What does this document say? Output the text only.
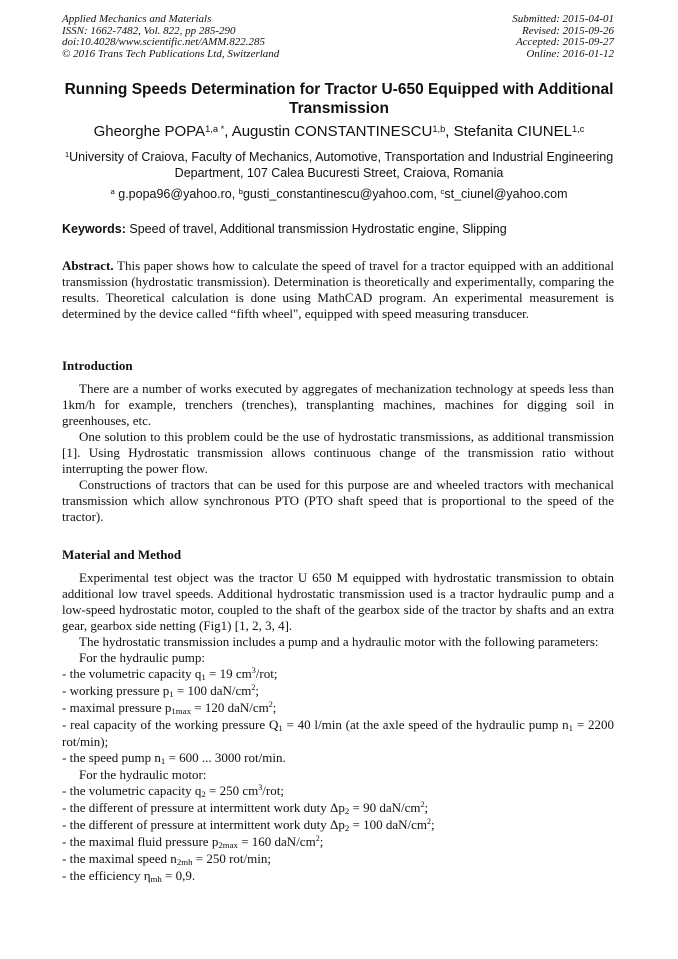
Applied Mechanics and Materials
ISSN: 1662-7482, Vol. 822, pp 285-290
doi:10.4028/www.scientific.net/AMM.822.285
© 2016 Trans Tech Publications Ltd, Switzerland
Submitted: 2015-04-01
Revised: 2015-09-26
Accepted: 2015-09-27
Online: 2016-01-12
Running Speeds Determination for Tractor U-650 Equipped with Additional Transmission
Gheorghe $POPA^{1,a *}$, Augustin CONSTANTINESCU$^{1,b}$, Stefanita CIUNEL$^{1,c}$
$^1$University of Craiova, Faculty of Mechanics, Automotive, Transportation and Industrial Engineering Department, 107 Calea Bucuresti Street, Craiova, Romania
$^a$ g.popa96@yahoo.ro, $^b$gusti_constantinescu@yahoo.com, $^c$st_ciunel@yahoo.com
Keywords: Speed of travel, Additional transmission Hydrostatic engine, Slipping
Abstract. This paper shows how to calculate the speed of travel for a tractor equipped with an additional transmission (hydrostatic transmission). Determination is theoretically and experimentally, comparing the results. Theoretical calculation is done using MathCAD program. An experimental measurement is determined by the device called “fifth wheel", equipped with speed measuring transducer.
Introduction

There are a number of works executed by aggregates of mechanization technology at speeds less than 1km/h for example, trenchers (trenches), transplanting machines, machines for digging soil in greenhouses, etc.

One solution to this problem could be the use of hydrostatic transmissions, as additional transmission [1]. Using Hydrostatic transmission allows continuous change of the transmission ratio without interrupting the power flow.

Constructions of tractors that can be used for this purpose are and wheeled tractors with mechanical transmission which allow synchronous PTO (PTO shaft speed that is proportional to the speed of the tractor).

Material and Method

Experimental test object was the tractor U 650 M equipped with hydrostatic transmission to obtain additional low travel speeds. Additional hydrostatic transmission used is a tractor hydraulic pump and a low-speed hydrostatic motor, coupled to the shaft of the gearbox side of the tractor by shafts and an extra gear, gearbox side netting (Fig1) [1, 2, 3, 4].

The hydrostatic transmission includes a pump and a hydraulic motor with the following parameters:

For the hydraulic pump:

- the volumetric capacity $q_1 = 19$ $cm^3$/rot;

- working pressure $p_1 = 100$ daN/$cm^2$;

- maximal pressure $p_{1max} = 120$ daN/$cm^2$;

- real capacity of the working pressure $Q_1 = 40$ l/min (at the axle speed of the hydraulic pump $n_1 = 2200$ rot/min);

- the speed pump $n_1 = 600$ ... 3000 rot/min.

For the hydraulic motor:

- the volumetric capacity $q_2 = 250$ $cm^3$/rot;

- the different of pressure at intermittent work duty $\Delta p_2 = 90$ daN/$cm^2$;

- the different of pressure at intermittent work duty $\Delta p_2 = 100$ daN/$cm^2$;

- the maximal fluid pressure $p_{2max} = 160$ daN/$cm^2$;

- the maximal speed $n_{2mh} = 250$ rot/min;

- the efficiency $\eta_{mh} = 0,9$.
